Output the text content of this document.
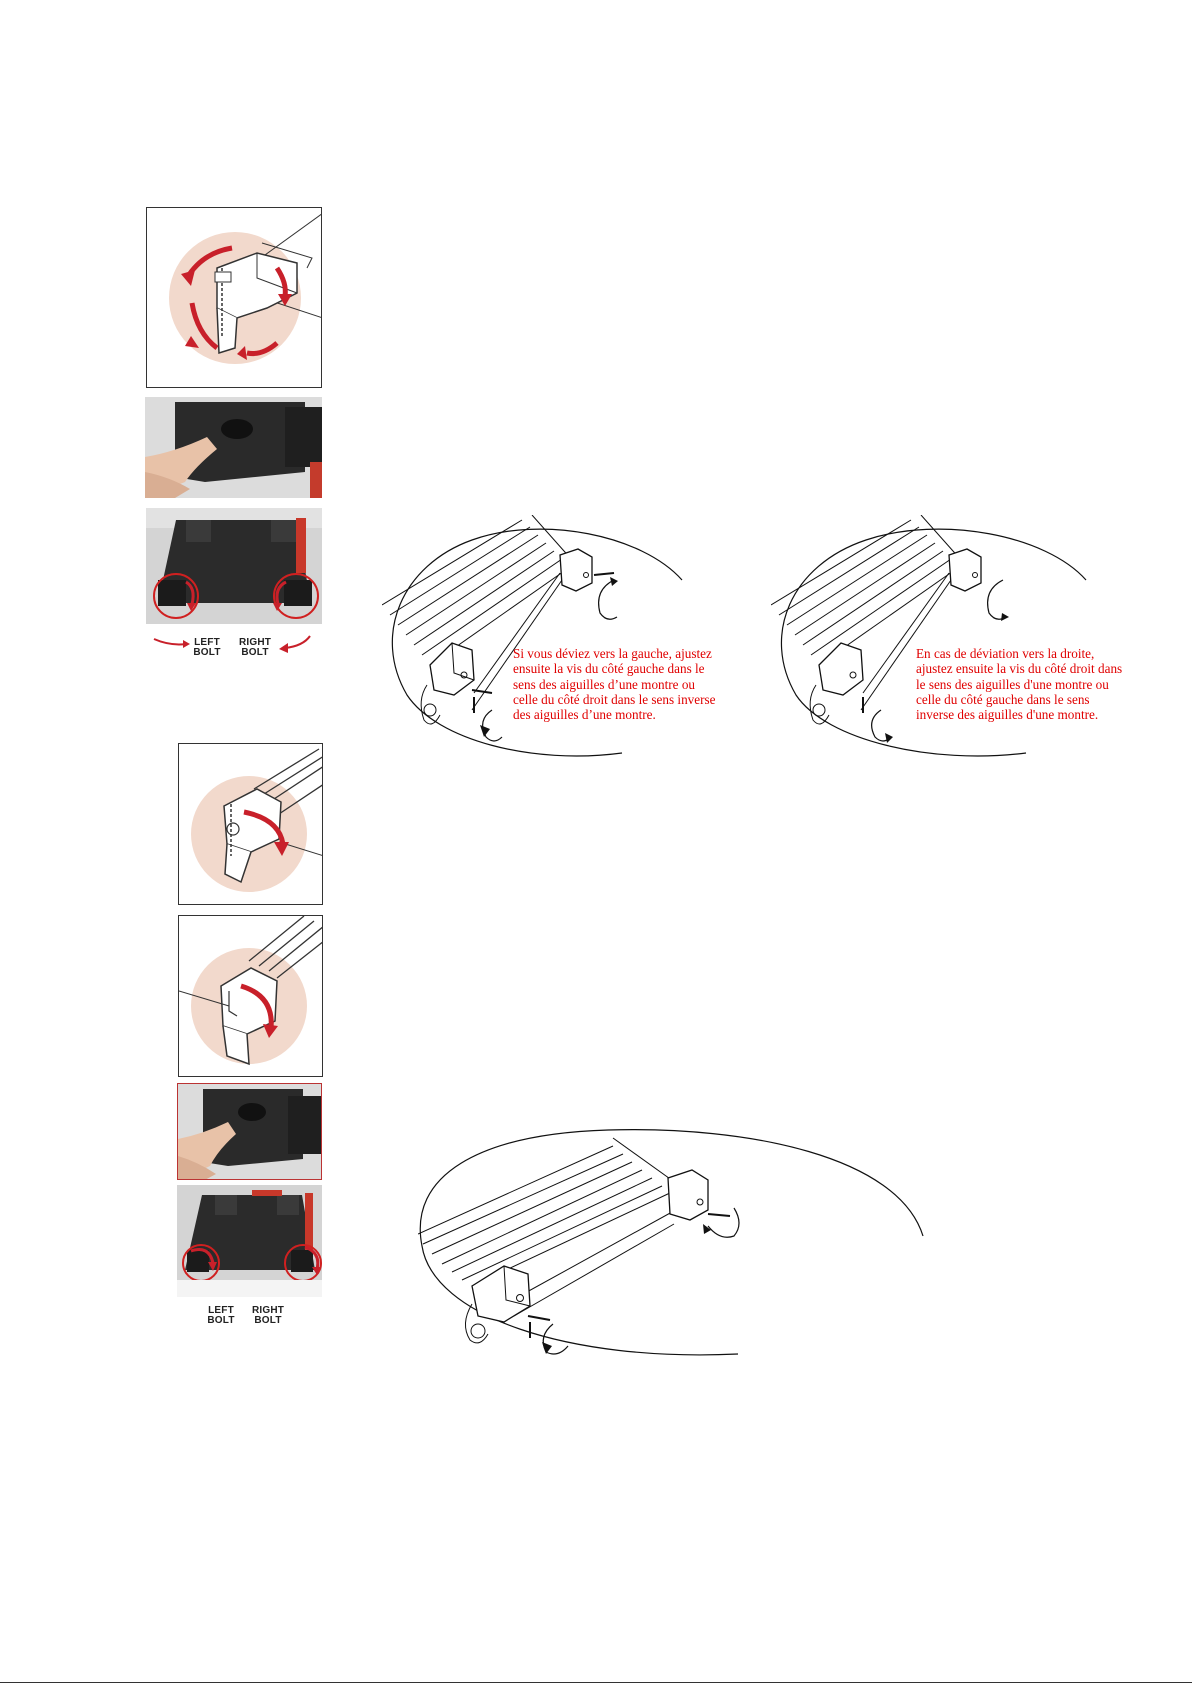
LEFT
BOLT
RIGHT
BOLT	Si vous déviez vers la gauche, ajustez
ensuite la vis du côté gauche dans le
sens des aiguilles d’une montre ou
celle du côté droit dans le sens inverse
des aiguilles d’une montre.
En cas de déviation vers la droite,
ajustez ensuite la vis du côté droit dans
le sens des aiguilles d'une montre ou
celle du côté gauche dans le sens
inverse des aiguilles d'une montre.
LEFT
BOLT
RIGHT
BOLT
